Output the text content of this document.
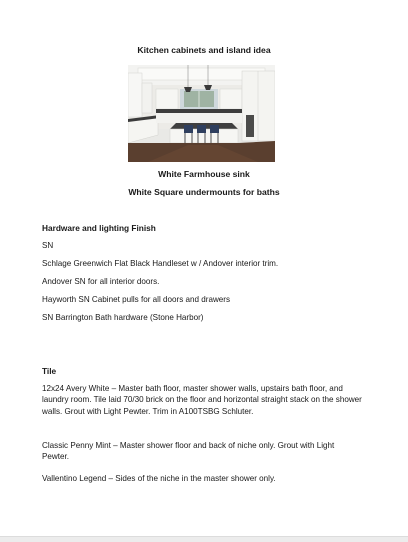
Kitchen cabinets and island idea
White Farmhouse sink
White Square undermounts for baths
Hardware and lighting Finish
SN
Schlage Greenwich Flat Black Handleset w / Andover interior trim.
Andover SN for all interior doors.
Hayworth SN Cabinet pulls for all doors and drawers
SN Barrington Bath hardware (Stone Harbor)
Tile
12x24 Avery White – Master bath floor, master shower walls, upstairs bath floor, and laundry room. Tile laid 70/30 brick on the floor and horizontal straight stack on the shower walls. Grout with Light Pewter. Trim in A100TSBG Schluter.
Classic Penny Mint – Master shower floor and back of niche only. Grout with Light Pewter.
Vallentino Legend – Sides of the niche in the master shower only.
